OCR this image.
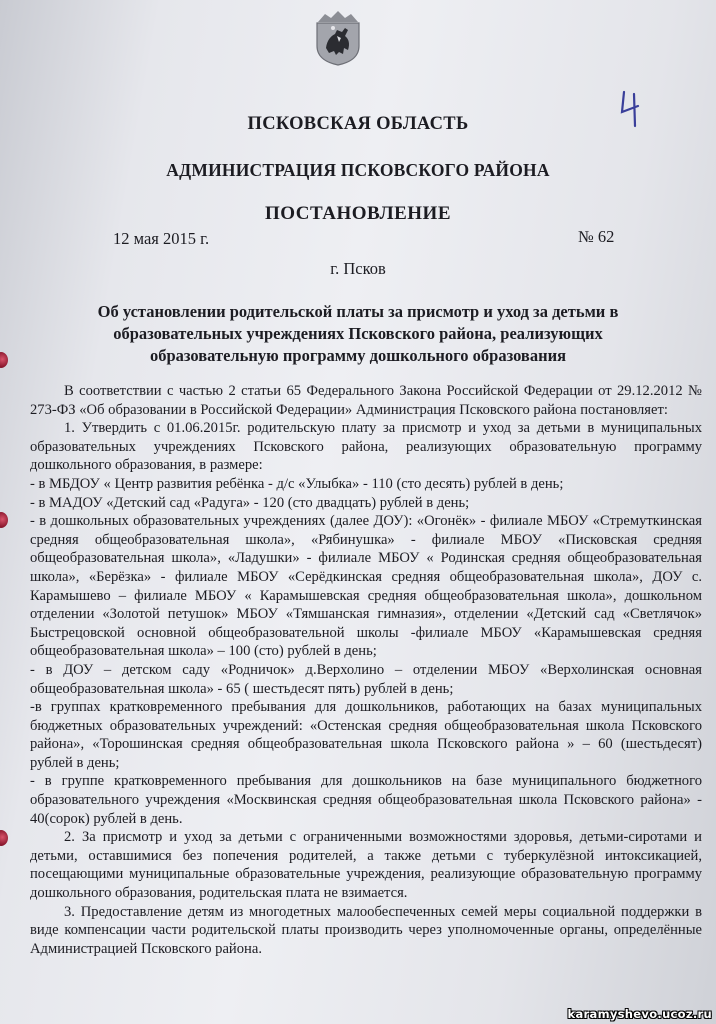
4
ПСКОВСКАЯ ОБЛАСТЬ
АДМИНИСТРАЦИЯ ПСКОВСКОГО РАЙОНА
ПОСТАНОВЛЕНИЕ
12 мая 2015 г.	№ 62
г. Псков
Об установлении родительской платы за присмотр и уход за детьми в
образовательных учреждениях Псковского района, реализующих
образовательную программу дошкольного образования

В соответствии с частью 2 статьи 65 Федерального Закона Российской Федерации от 29.12.2012 № 273-ФЗ «Об образовании в Российской Федерации» Администрация Псковского района постановляет:

1. Утвердить с 01.06.2015г. родительскую плату за присмотр и уход за детьми в муниципальных образовательных учреждениях Псковского района, реализующих образовательную программу дошкольного образования, в размере:

- в МБДОУ « Центр развития ребёнка - д/с «Улыбка» - 110 (сто десять) рублей в день;

- в МАДОУ «Детский сад «Радуга» - 120 (сто двадцать) рублей в день;

- в дошкольных образовательных учреждениях (далее ДОУ): «Огонёк» - филиале МБОУ «Стремуткинская средняя общеобразовательная школа», «Рябинушка» - филиале МБОУ «Писковская средняя общеобразовательная школа», «Ладушки» - филиале МБОУ « Родинская средняя общеобразовательная школа», «Берёзка» - филиале МБОУ «Серёдкинская средняя общеобразовательная школа», ДОУ с. Карамышево – филиале МБОУ « Карамышевская средняя общеобразовательная школа», дошкольном отделении «Золотой петушок» МБОУ «Тямшанская гимназия», отделении «Детский сад «Светлячок» Быстрецовской основной общеобразовательной школы -филиале МБОУ «Карамышевская средняя общеобразовательная школа» – 100 (сто) рублей в день;

- в ДОУ – детском саду «Родничок» д.Верхолино – отделении МБОУ «Верхолинская основная общеобразовательная школа» - 65 ( шестьдесят пять) рублей в день;

-в группах кратковременного пребывания для дошкольников, работающих на базах муниципальных бюджетных образовательных учреждений: «Остенская средняя общеобразовательная школа Псковского района», «Торошинская средняя общеобразовательная школа Псковского района » – 60 (шестьдесят) рублей в день;

- в группе кратковременного пребывания для дошкольников на базе муниципального бюджетного образовательного учреждения «Москвинская средняя общеобразовательная школа Псковского района» - 40(сорок) рублей в день.

2. За присмотр и уход за детьми с ограниченными возможностями здоровья, детьми-сиротами и детьми, оставшимися без попечения родителей, а также детьми с туберкулёзной интоксикацией, посещающими муниципальные образовательные учреждения, реализующие образовательную программу дошкольного образования, родительская плата не взимается.

3. Предоставление детям из многодетных малообеспеченных семей меры социальной поддержки в виде компенсации части родительской платы производить через уполномоченные органы, определённые Администрацией Псковского района.

karamyshevo.ucoz.ru
